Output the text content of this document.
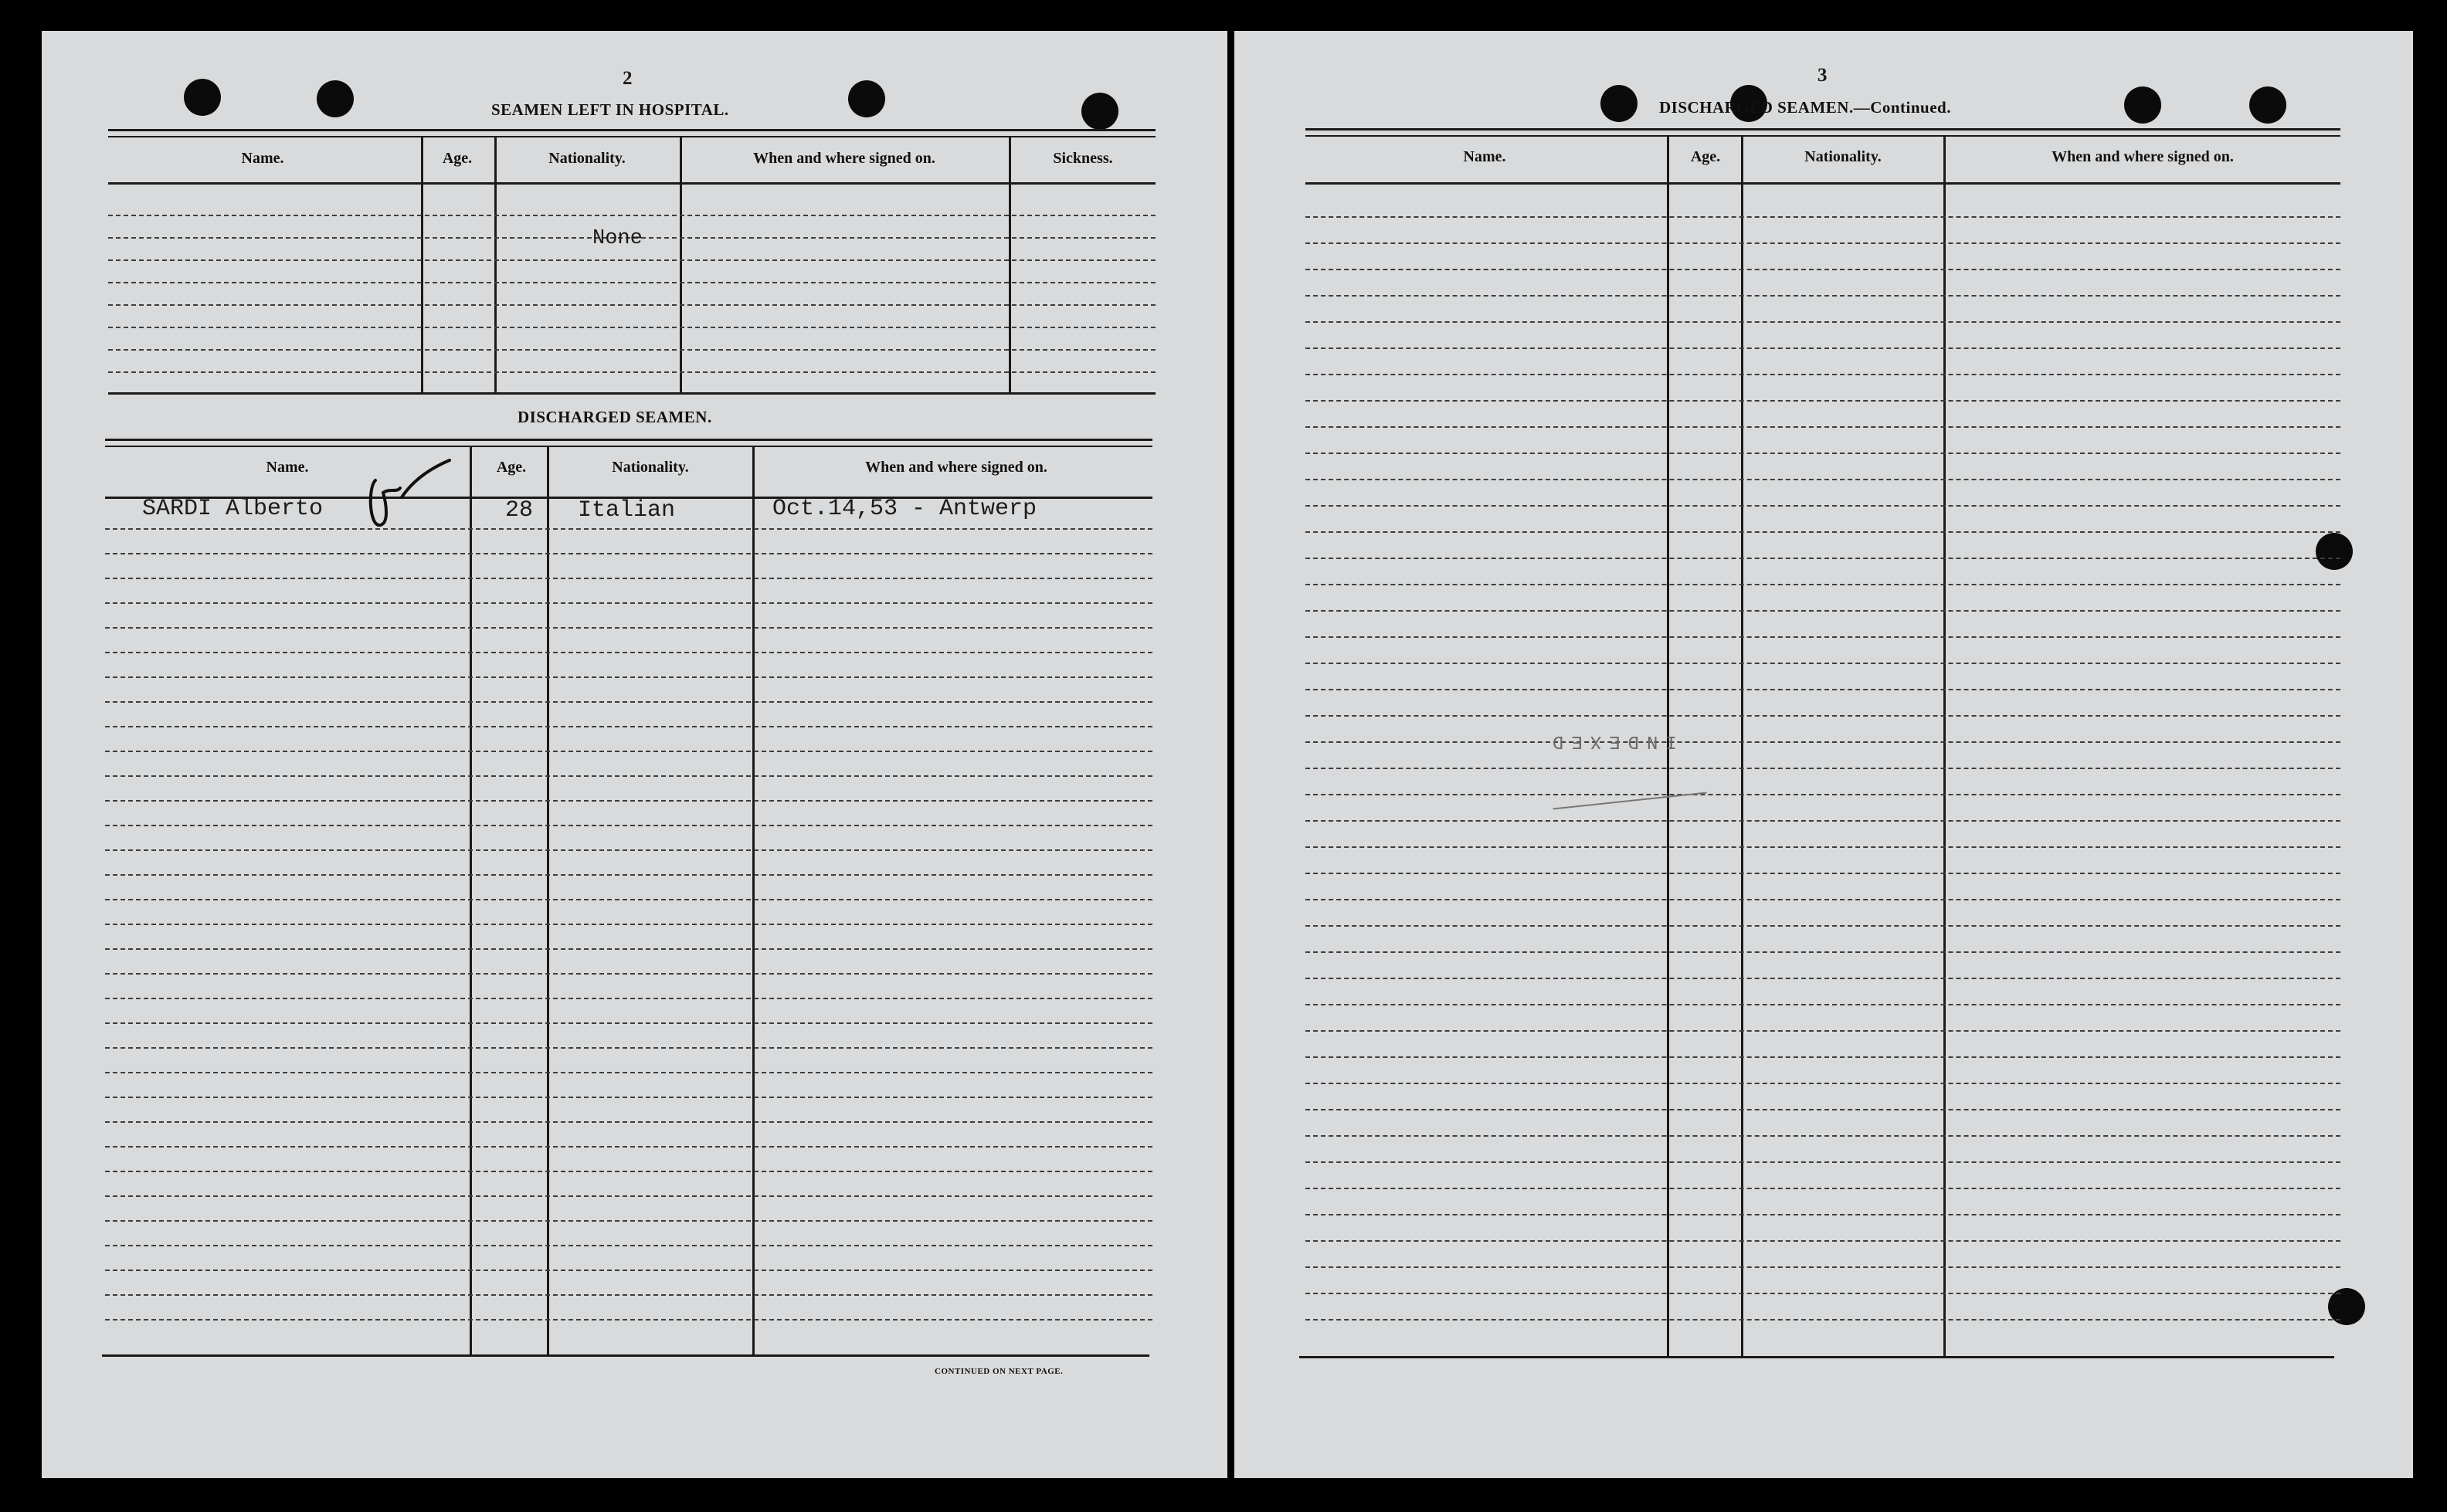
2
SEAMEN LEFT IN HOSPITAL.
3
DISCHARGED SEAMEN.—Continued.
Name.	Age.	Nationality.	When and where signed on.	Sickness.
None
DISCHARGED SEAMEN.
Name.	Age.	Nationality.	When and where signed on.
SARDI Alberto	28 Italian	Oct.14,53 - Antwerp
CONTINUED ON NEXT PAGE.
Name.	Age.	Nationality.	When and where signed on.
INDEXED
